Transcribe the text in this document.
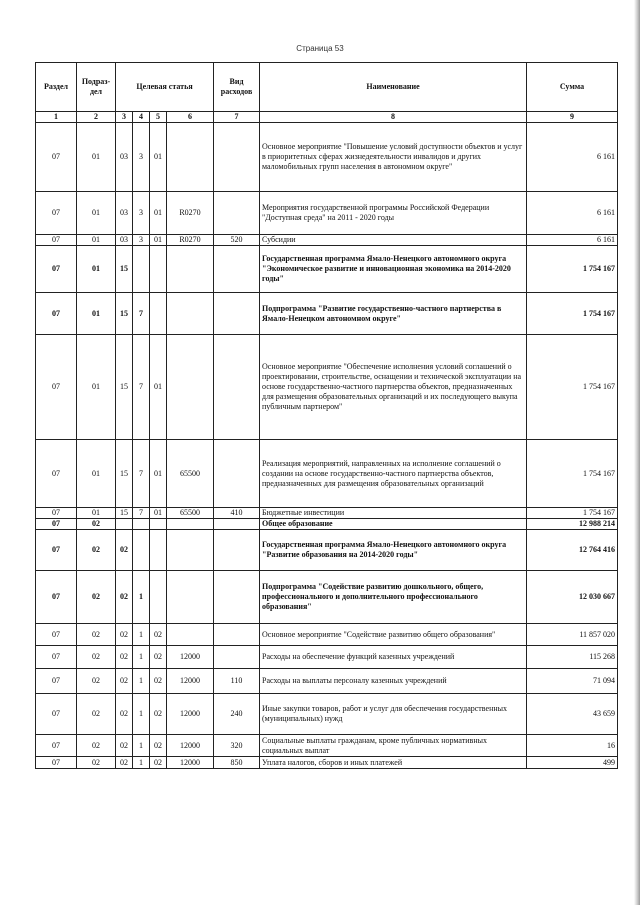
Страница 53
Раздел	Подраз-дел	Целевая статья				Вид расходов	Наименование	Сумма
1	2	3	4	5	6	7	8	9
07	01	03	3	01			Основное мероприятие "Повышение условий доступности объектов и услуг в приоритетных сферах жизнедеятельности инвалидов и других маломобильных групп населения в автономном округе"	6 161
07	01	03	3	01	R0270		Мероприятия государственной программы Российской Федерации "Доступная среда" на 2011 - 2020 годы	6 161
07	01	03	3	01	R0270	520	Субсидии	6 161
07	01	15					Государственная программа Ямало-Ненецкого автономного округа "Экономическое развитие и инновационная экономика на 2014-2020 годы"	1 754 167
07	01	15	7				Подпрограмма "Развитие государственно-частного партнерства в Ямало-Ненецком автономном округе"	1 754 167
07	01	15	7	01			Основное мероприятие "Обеспечение исполнения условий соглашений о проектировании, строительстве, оснащении и технической эксплуатации на основе государственно-частного партнерства объектов, предназначенных для размещения образовательных организаций и их последующего выкупа публичным партнером"	1 754 167
07	01	15	7	01	65500		Реализация мероприятий, направленных на исполнение соглашений о создании на основе государственно-частного партнерства объектов, предназначенных для размещения образовательных организаций	1 754 167
07	01	15	7	01	65500	410	Бюджетные инвестиции	1 754 167
07	02						Общее образование	12 988 214
07	02	02					Государственная программа Ямало-Ненецкого автономного округа "Развитие образования на 2014-2020 годы"	12 764 416
07	02	02	1				Подпрограмма "Содействие развитию дошкольного, общего, профессионального и дополнительного профессионального образования"	12 030 667
07	02	02	1	02			Основное мероприятие "Содействие развитию общего образования"	11 857 020
07	02	02	1	02	12000		Расходы на обеспечение функций казенных учреждений	115 268
07	02	02	1	02	12000	110	Расходы на выплаты персоналу казенных учреждений	71 094
07	02	02	1	02	12000	240	Иные закупки товаров, работ и услуг для обеспечения государственных (муниципальных) нужд	43 659
07	02	02	1	02	12000	320	Социальные выплаты гражданам, кроме публичных нормативных социальных выплат	16
07	02	02	1	02	12000	850	Уплата налогов, сборов и иных платежей	499
